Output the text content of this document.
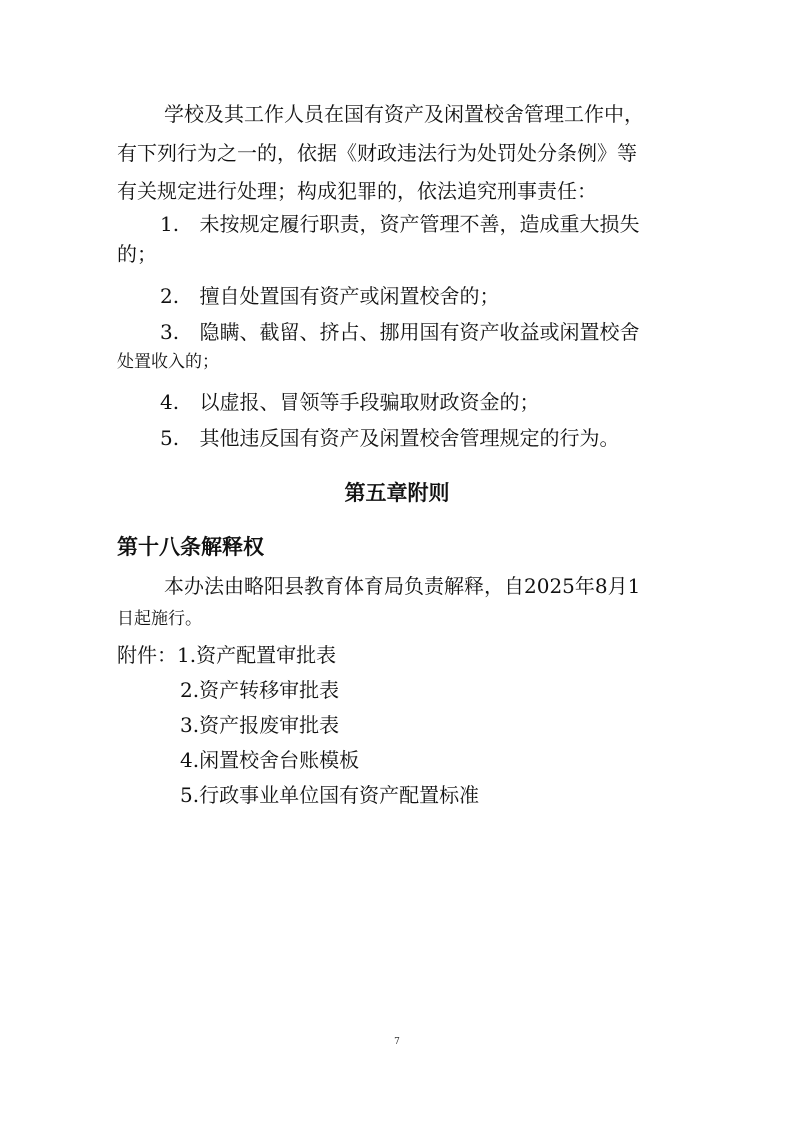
学校及其工作人员在国有资产及闲置校舍管理工作中，
有下列行为之一的，依据《财政违法行为处罚处分条例》等
有关规定进行处理；构成犯罪的，依法追究刑事责任：
1. 未按规定履行职责，资产管理不善，造成重大损失
的；
2. 擅自处置国有资产或闲置校舍的；
3. 隐瞒、截留、挤占、挪用国有资产收益或闲置校舍
处置收入的；
4. 以虚报、冒领等手段骗取财政资金的；
5. 其他违反国有资产及闲置校舍管理规定的行为。
第五章附则
第十八条解释权
本办法由略阳县教育体育局负责解释，自2025年8月1
日起施行。
附件：1.资产配置审批表
2.资产转移审批表
3.资产报废审批表
4.闲置校舍台账模板
5.行政事业单位国有资产配置标准
7
